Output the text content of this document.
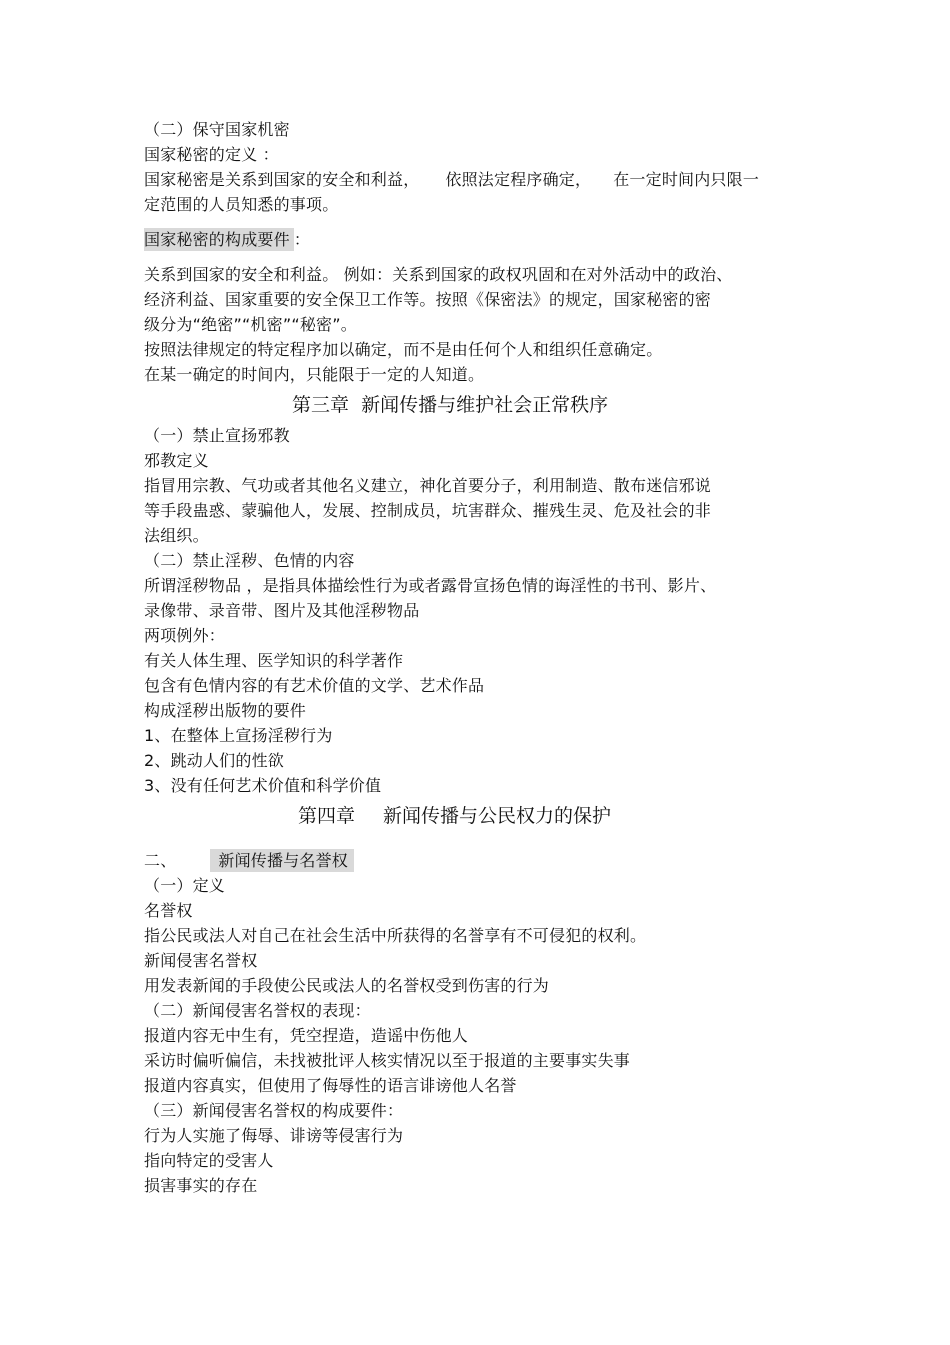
（二）保守国家机密
国家秘密的定义 ：
国家秘密是关系到国家的安全和利益， 依照法定程序确定， 在一定时间内只限一
定范围的人员知悉的事项。
国家秘密的构成要件 ：
关系到国家的安全和利益。 例如：关系到国家的政权巩固和在对外活动中的政治、
经济利益、国家重要的安全保卫工作等。按照《保密法》的规定，国家秘密的密
级分为“绝密”“机密”“秘密”。
按照法律规定的特定程序加以确定，而不是由任何个人和组织任意确定。
在某一确定的时间内，只能限于一定的人知道。
第三章 新闻传播与维护社会正常秩序
（一）禁止宣扬邪教
邪教定义
指冒用宗教、气功或者其他名义建立，神化首要分子，利用制造、散布迷信邪说
等手段蛊惑、蒙骗他人，发展、控制成员，坑害群众、摧残生灵、危及社会的非
法组织。
（二）禁止淫秽、色情的内容
所谓淫秽物品 ，是指具体描绘性行为或者露骨宣扬色情的诲淫性的书刊、影片、
录像带、录音带、图片及其他淫秽物品
两项例外：
有关人体生理、医学知识的科学著作
包含有色情内容的有艺术价值的文学、艺术作品
构成淫秽出版物的要件
1、在整体上宣扬淫秽行为
2、跳动人们的性欲
3、没有任何艺术价值和科学价值
第四章 新闻传播与公民权力的保护
二、	新闻传播与名誉权
（一）定义
名誉权
指公民或法人对自己在社会生活中所获得的名誉享有不可侵犯的权利。
新闻侵害名誉权
用发表新闻的手段使公民或法人的名誉权受到伤害的行为
（二）新闻侵害名誉权的表现：
报道内容无中生有，凭空捏造，造谣中伤他人
采访时偏听偏信，未找被批评人核实情况以至于报道的主要事实失事
报道内容真实，但使用了侮辱性的语言诽谤他人名誉
（三）新闻侵害名誉权的构成要件：
行为人实施了侮辱、诽谤等侵害行为
指向特定的受害人
损害事实的存在
